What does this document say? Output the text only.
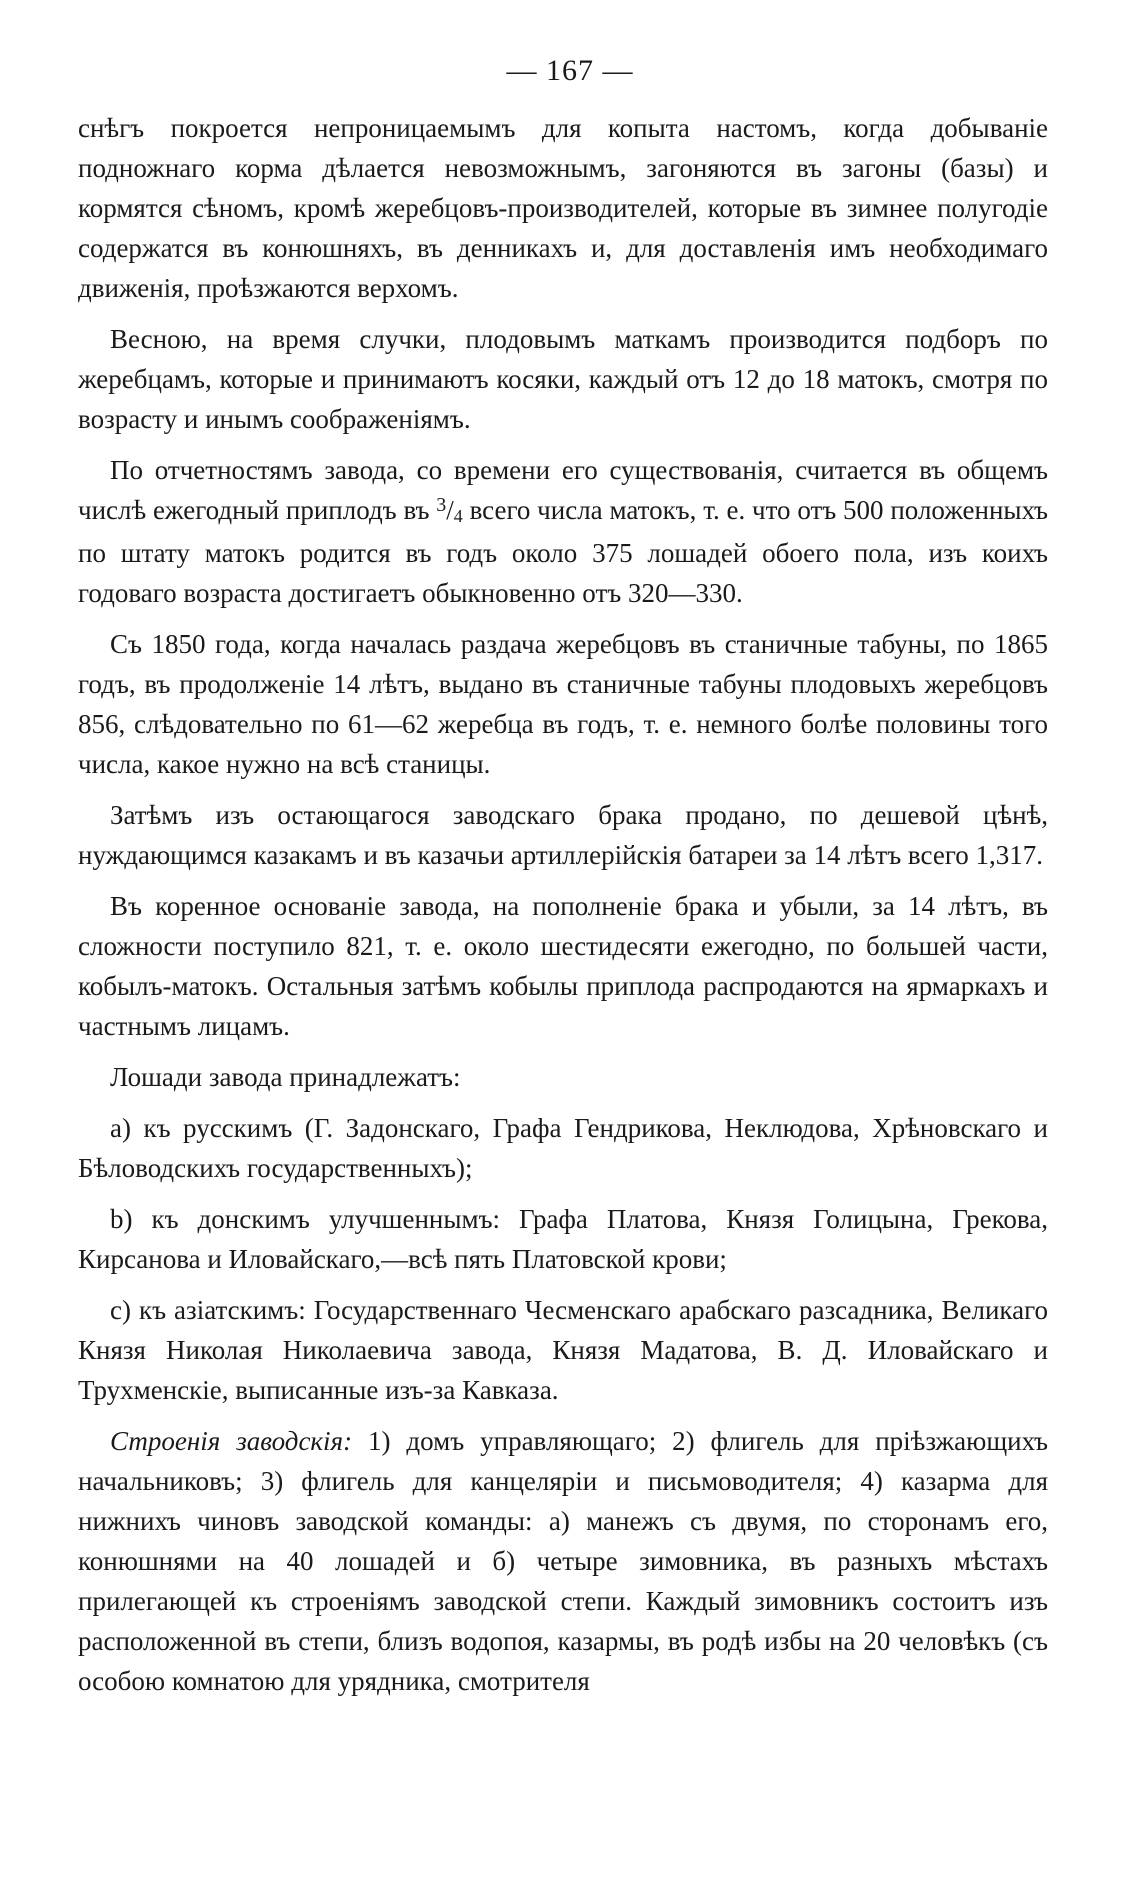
— 167 —

снѣгъ покроется непроницаемымъ для копыта настомъ, когда добыванiе подножнаго корма дѣлается невозможнымъ, загоняются въ загоны (базы) и кормятся сѣномъ, кромѣ жеребцовъ-производителей, которые въ зимнее полугодiе содержатся въ конюшняхъ, въ денникахъ и, для доставленiя имъ необходимаго движенiя, проѣзжаются верхомъ.

Весною, на время случки, плодовымъ маткамъ производится подборъ по жеребцамъ, которые и принимаютъ косяки, каждый отъ 12 до 18 матокъ, смотря по возрасту и инымъ соображенiямъ.

По отчетностямъ завода, со времени его существованiя, считается въ общемъ числѣ ежегодный приплодъ въ $^3$/4 всего числа матокъ, т. е. что отъ 500 положенныхъ по штату матокъ родится въ годъ около 375 лошадей обоего пола, изъ коихъ годоваго возраста достигаетъ обыкновенно отъ 320—330.

Съ 1850 года, когда началась раздача жеребцовъ въ станичные табуны, по 1865 годъ, въ продолженiе 14 лѣтъ, выдано въ станичные табуны плодовыхъ жеребцовъ 856, слѣдовательно по 61—62 жеребца въ годъ, т. е. немного болѣе половины того числа, какое нужно на всѣ станицы.

Затѣмъ изъ остающагося заводскаго брака продано, по дешевой цѣнѣ, нуждающимся казакамъ и въ казачьи артиллерiйскiя батареи за 14 лѣтъ всего 1,317.

Въ коренное основанiе завода, на пополненiе брака и убыли, за 14 лѣтъ, въ сложности поступило 821, т. е. около шестидесяти ежегодно, по большей части, кобылъ-матокъ. Остальныя затѣмъ кобылы приплода распродаются на ярмаркахъ и частнымъ лицамъ.

Лошади завода принадлежатъ:

а) къ русскимъ (Г. Задонскаго, Графа Гендрикова, Неклюдова, Хрѣновскаго и Бѣловодскихъ государственныхъ);

b) къ донскимъ улучшеннымъ: Графа Платова, Князя Голицына, Грекова, Кирсанова и Иловайскаго,—всѣ пять Платовской крови;

с) къ азiатскимъ: Государственнаго Чесменскаго арабскаго разсадника, Великаго Князя Николая Николаевича завода, Князя Мадатова, В. Д. Иловайскаго и Трухменскiе, выписанные изъ-за Кавказа.

Строенiя заводскiя: 1) домъ управляющаго; 2) флигель для прiѣзжающихъ начальниковъ; 3) флигель для канцелярiи и письмоводителя; 4) казарма для нижнихъ чиновъ заводской команды: а) манежъ съ двумя, по сторонамъ его, конюшнями на 40 лошадей и б) четыре зимовника, въ разныхъ мѣстахъ прилегающей къ строенiямъ заводской степи. Каждый зимовникъ состоитъ изъ расположенной въ степи, близъ водопоя, казармы, въ родѣ избы на 20 человѣкъ (съ особою комнатою для урядника, смотрителя
